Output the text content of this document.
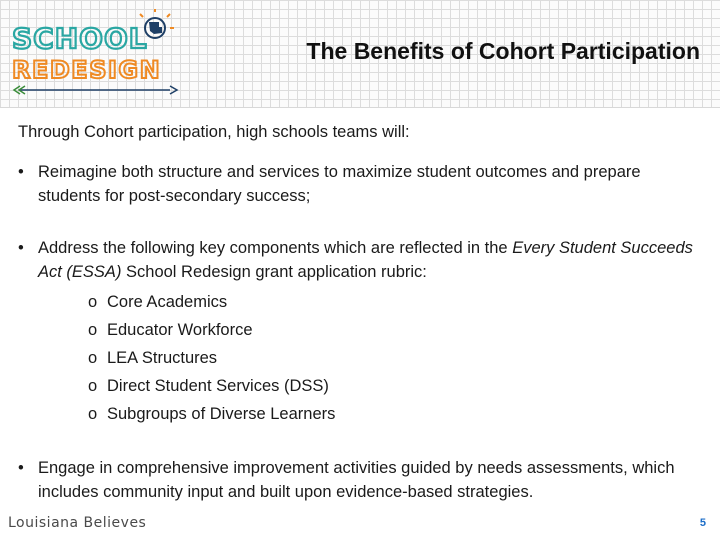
SCHOOL
REDESIGN
The Benefits of Cohort Participation

Through Cohort participation, high schools teams will:

• Reimagine both structure and services to maximize student outcomes and prepare students for post-secondary success;

• Address the following key components which are reflected in the Every Student Succeeds Act (ESSA) School Redesign grant application rubric:

o Core Academics
o Educator Workforce
o LEA Structures
o Direct Student Services (DSS)
o Subgroups of Diverse Learners
• Engage in comprehensive improvement activities guided by needs assessments, which includes community input and built upon evidence-based strategies.

Louisiana Believes	5
